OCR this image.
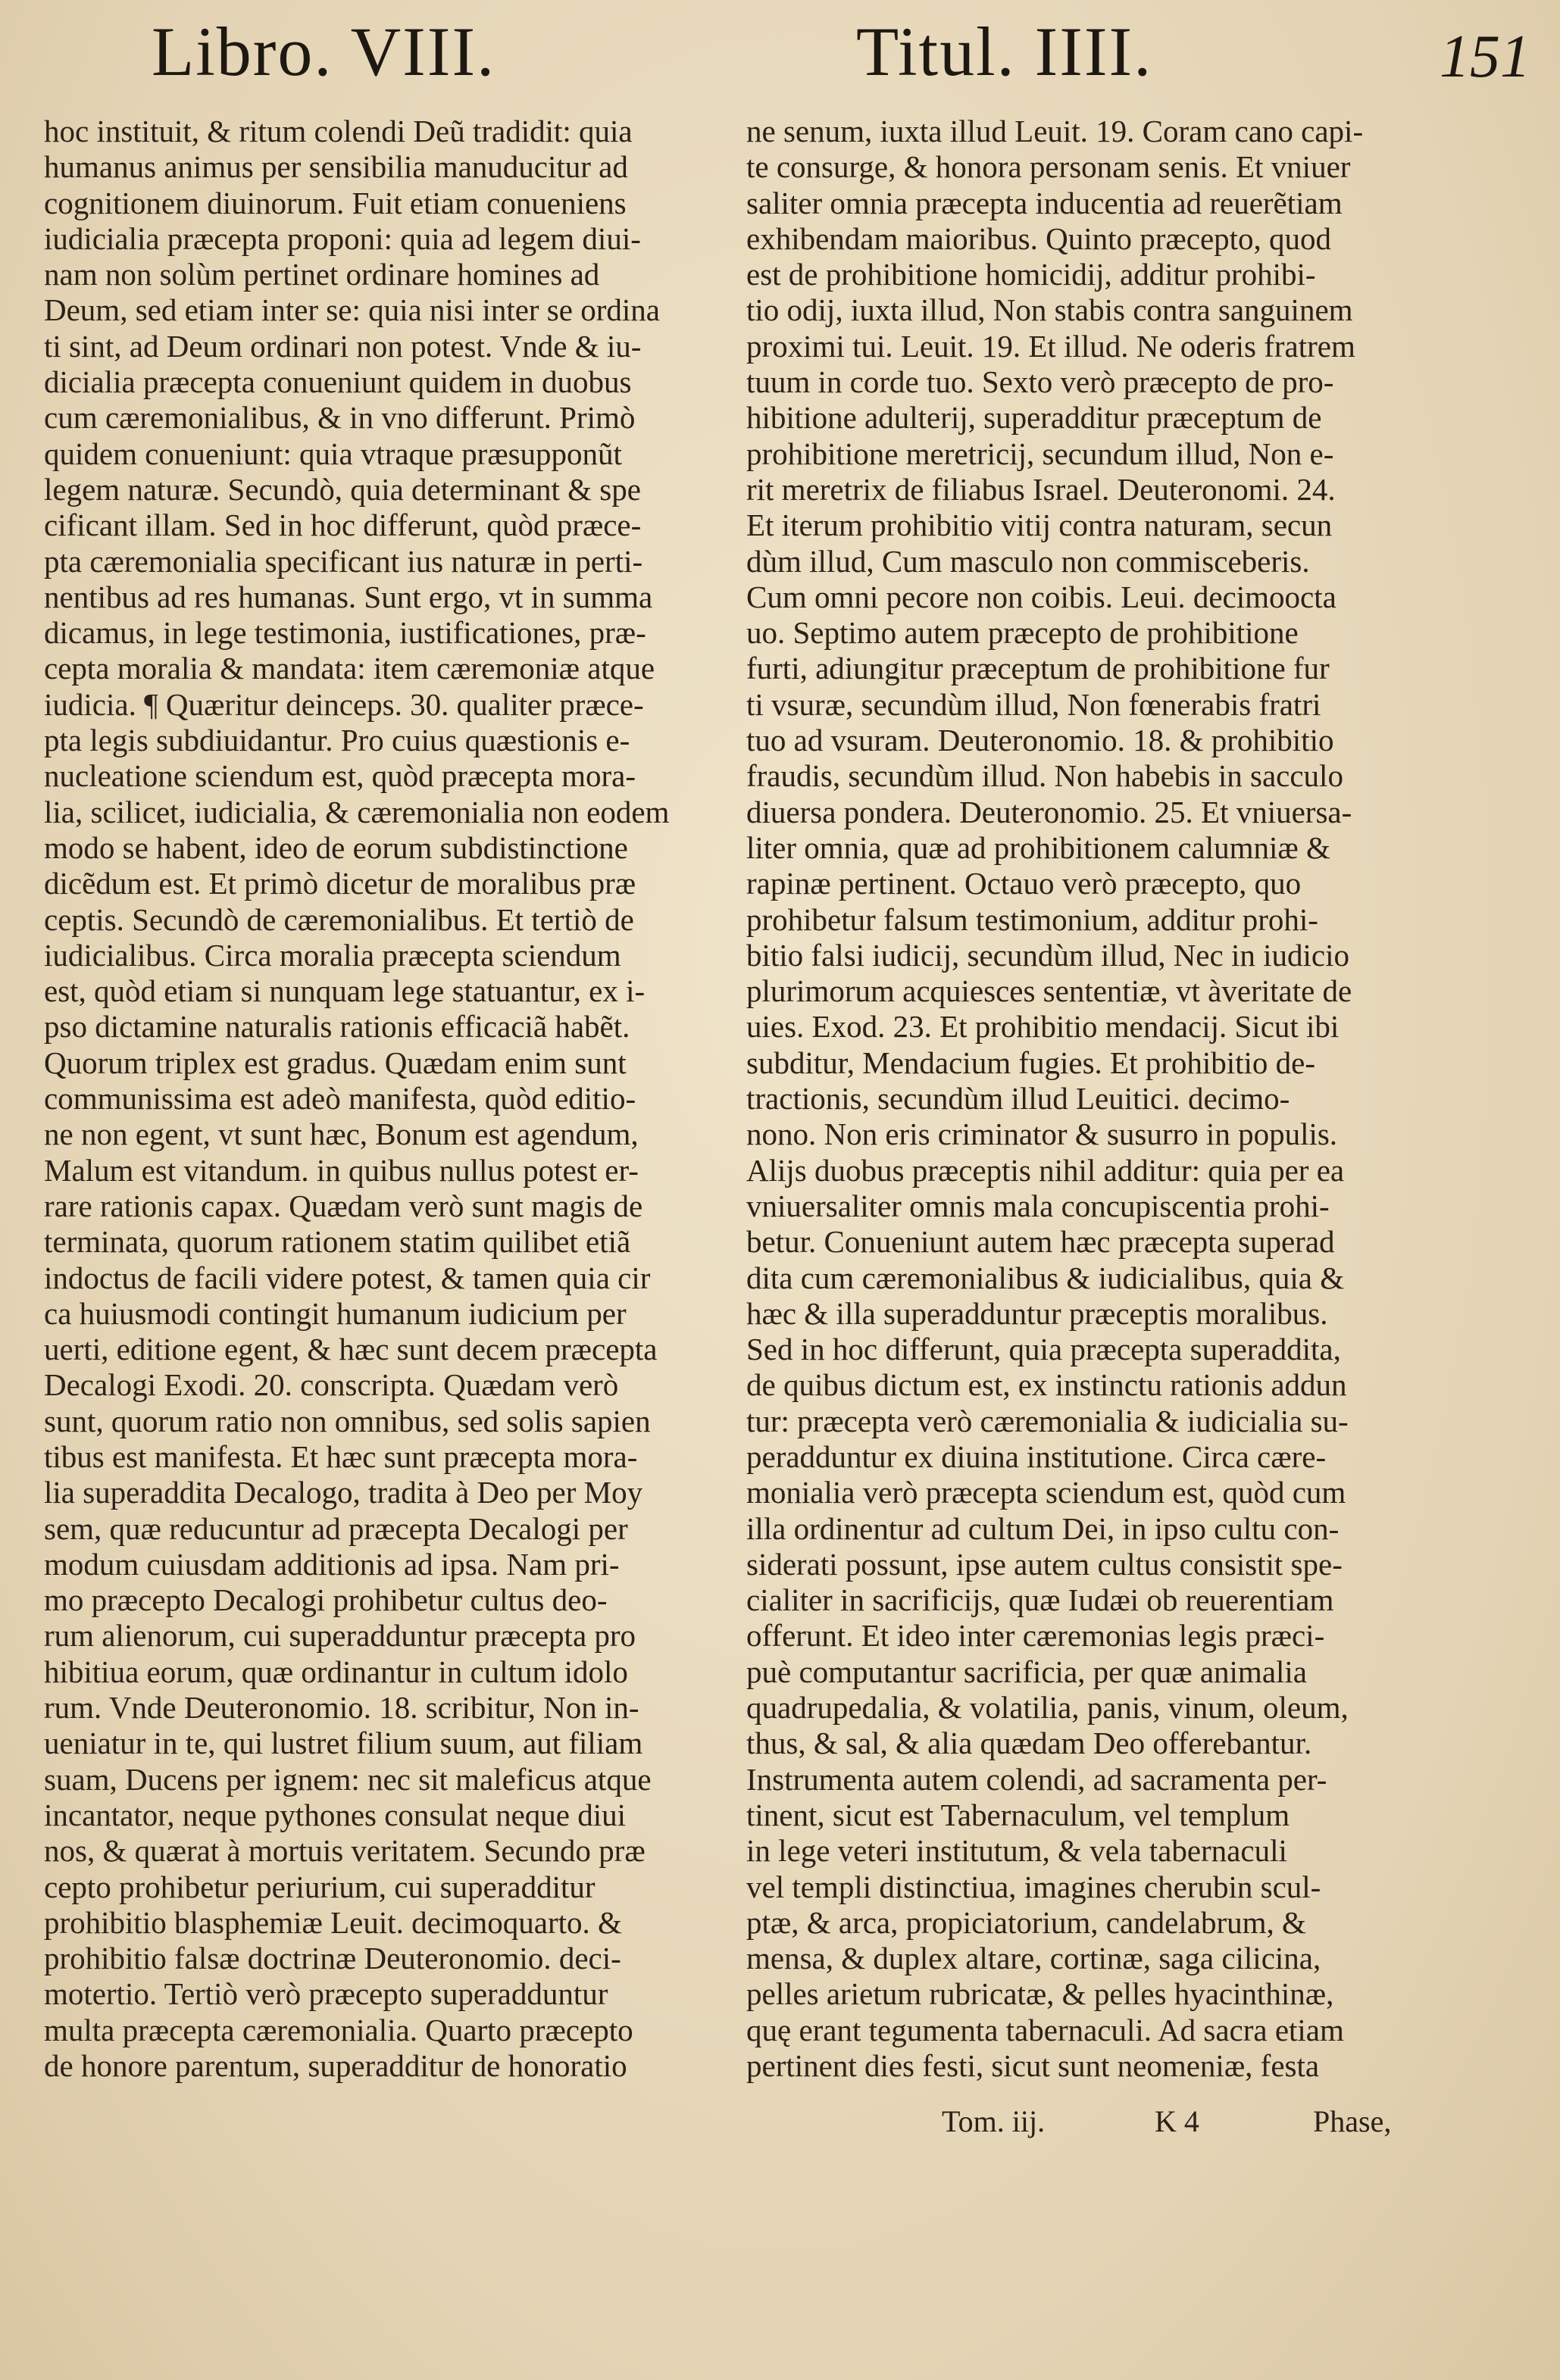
Libro. VIII.	Titul. IIII.	151
hoc instituit, & ritum colendi Deũ tradidit: quia
humanus animus per sensibilia manuducitur ad
cognitionem diuinorum. Fuit etiam conueniens
iudicialia præcepta proponi: quia ad legem diui-
nam non solùm pertinet ordinare homines ad
Deum, sed etiam inter se: quia nisi inter se ordina
ti sint, ad Deum ordinari non potest. Vnde & iu-
dicialia præcepta conueniunt quidem in duobus
cum cæremonialibus, & in vno differunt. Primò
quidem conueniunt: quia vtraque præsupponũt
legem naturæ. Secundò, quia determinant & spe
cificant illam. Sed in hoc differunt, quòd præce-
pta cæremonialia specificant ius naturæ in perti-
nentibus ad res humanas. Sunt ergo, vt in summa
dicamus, in lege testimonia, iustificationes, præ-
cepta moralia & mandata: item cæremoniæ atque
iudicia. ¶ Quæritur deinceps. 30. qualiter præce-
pta legis subdiuidantur. Pro cuius quæstionis e-
nucleatione sciendum est, quòd præcepta mora-
lia, scilicet, iudicialia, & cæremonialia non eodem
modo se habent, ideo de eorum subdistinctione
dicẽdum est. Et primò dicetur de moralibus præ
ceptis. Secundò de cæremonialibus. Et tertiò de
iudicialibus. Circa moralia præcepta sciendum
est, quòd etiam si nunquam lege statuantur, ex i-
pso dictamine naturalis rationis efficaciã habẽt.
Quorum triplex est gradus. Quædam enim sunt
communissima est adeò manifesta, quòd editio-
ne non egent, vt sunt hæc, Bonum est agendum,
Malum est vitandum. in quibus nullus potest er-
rare rationis capax. Quædam verò sunt magis de
terminata, quorum rationem statim quilibet etiã
indoctus de facili videre potest, & tamen quia cir
ca huiusmodi contingit humanum iudicium per
uerti, editione egent, & hæc sunt decem præcepta
Decalogi Exodi. 20. conscripta. Quædam verò
sunt, quorum ratio non omnibus, sed solis sapien
tibus est manifesta. Et hæc sunt præcepta mora-
lia superaddita Decalogo, tradita à Deo per Moy
sem, quæ reducuntur ad præcepta Decalogi per
modum cuiusdam additionis ad ipsa. Nam pri-
mo præcepto Decalogi prohibetur cultus deo-
rum alienorum, cui superadduntur præcepta pro
hibitiua eorum, quæ ordinantur in cultum idolo
rum. Vnde Deuteronomio. 18. scribitur, Non in-
ueniatur in te, qui lustret filium suum, aut filiam
suam, Ducens per ignem: nec sit maleficus atque
incantator, neque pythones consulat neque diui
nos, & quærat à mortuis veritatem. Secundo præ
cepto prohibetur periurium, cui superadditur
prohibitio blasphemiæ Leuit. decimoquarto. &
prohibitio falsæ doctrinæ Deuteronomio. deci-
motertio. Tertiò verò præcepto superadduntur
multa præcepta cæremonialia. Quarto præcepto
de honore parentum, superadditur de honoratio
ne senum, iuxta illud Leuit. 19. Coram cano capi-
te consurge, & honora personam senis. Et vniuer
saliter omnia præcepta inducentia ad reuerẽtiam
exhibendam maioribus. Quinto præcepto, quod
est de prohibitione homicidij, additur prohibi-
tio odij, iuxta illud, Non stabis contra sanguinem
proximi tui. Leuit. 19. Et illud. Ne oderis fratrem
tuum in corde tuo. Sexto verò præcepto de pro-
hibitione adulterij, superadditur præceptum de
prohibitione meretricij, secundum illud, Non e-
rit meretrix de filiabus Israel. Deuteronomi. 24.
Et iterum prohibitio vitij contra naturam, secun
dùm illud, Cum masculo non commisceberis.
Cum omni pecore non coibis. Leui. decimoocta
uo. Septimo autem præcepto de prohibitione
furti, adiungitur præceptum de prohibitione fur
ti vsuræ, secundùm illud, Non fœnerabis fratri
tuo ad vsuram. Deuteronomio. 18. & prohibitio
fraudis, secundùm illud. Non habebis in sacculo
diuersa pondera. Deuteronomio. 25. Et vniuersa-
liter omnia, quæ ad prohibitionem calumniæ &
rapinæ pertinent. Octauo verò præcepto, quo
prohibetur falsum testimonium, additur prohi-
bitio falsi iudicij, secundùm illud, Nec in iudicio
plurimorum acquiesces sententiæ, vt àveritate de
uies. Exod. 23. Et prohibitio mendacij. Sicut ibi
subditur, Mendacium fugies. Et prohibitio de-
tractionis, secundùm illud Leuitici. decimo-
nono. Non eris criminator & susurro in populis.
Alijs duobus præceptis nihil additur: quia per ea
vniuersaliter omnis mala concupiscentia prohi-
betur. Conueniunt autem hæc præcepta superad
dita cum cæremonialibus & iudicialibus, quia &
hæc & illa superadduntur præceptis moralibus.
Sed in hoc differunt, quia præcepta superaddita,
de quibus dictum est, ex instinctu rationis addun
tur: præcepta verò cæremonialia & iudicialia su-
peradduntur ex diuina institutione. Circa cære-
monialia verò præcepta sciendum est, quòd cum
illa ordinentur ad cultum Dei, in ipso cultu con-
siderati possunt, ipse autem cultus consistit spe-
cialiter in sacrificijs, quæ Iudæi ob reuerentiam
offerunt. Et ideo inter cæremonias legis præci-
puè computantur sacrificia, per quæ animalia
quadrupedalia, & volatilia, panis, vinum, oleum,
thus, & sal, & alia quædam Deo offerebantur.
Instrumenta autem colendi, ad sacramenta per-
tinent, sicut est Tabernaculum, vel templum
in lege veteri institutum, & vela tabernaculi
vel templi distinctiua, imagines cherubin scul-
ptæ, & arca, propiciatorium, candelabrum, &
mensa, & duplex altare, cortinæ, saga cilicina,
pelles arietum rubricatæ, & pelles hyacinthinæ,
quę erant tegumenta tabernaculi. Ad sacra etiam
pertinent dies festi, sicut sunt neomeniæ, festa
Tom. iij.	K 4	Phase,
